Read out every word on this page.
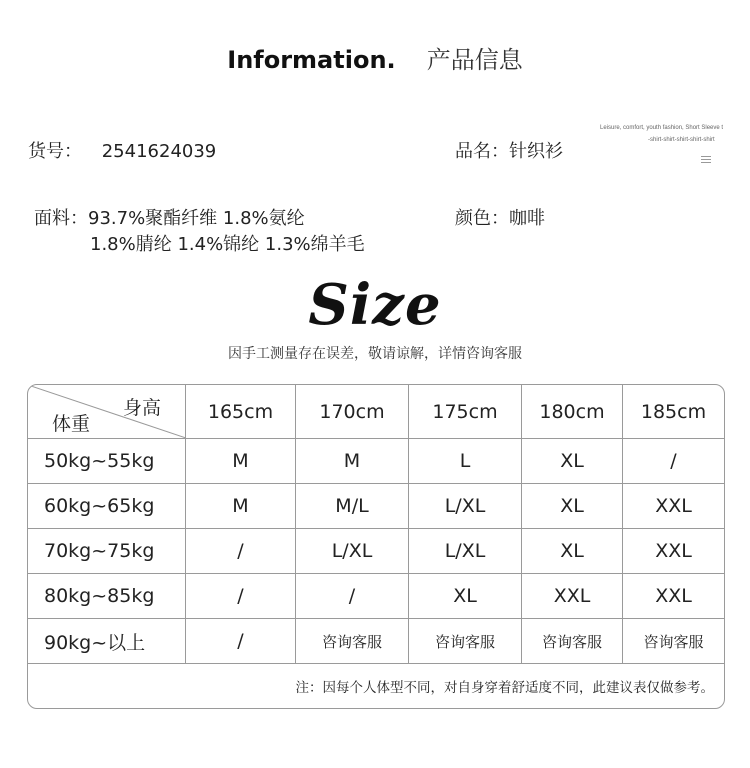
Information. 产品信息
货号： 2541624039	品名：针织衫
Leisure, comfort, youth fashion, Short Sleeve t
-shirt-shirt-shirt-shirt-shirt
面料：93.7%聚酯纤维 1.8%氨纶
1.8%腈纶 1.4%锦纶 1.3%绵羊毛
颜色：咖啡
Size
因手工测量存在误差，敬请谅解，详情咨询客服
身高
体重	165cm	170cm	175cm	180cm	185cm
50kg~55kg	M	M	L	XL	/
60kg~65kg	M	M/L	L/XL	XL	XXL
70kg~75kg	/	L/XL	L/XL	XL	XXL
80kg~85kg	/	/	XL	XXL	XXL
90kg~以上	/	咨询客服	咨询客服	咨询客服	咨询客服
注：因每个人体型不同，对自身穿着舒适度不同，此建议表仅做参考。					
